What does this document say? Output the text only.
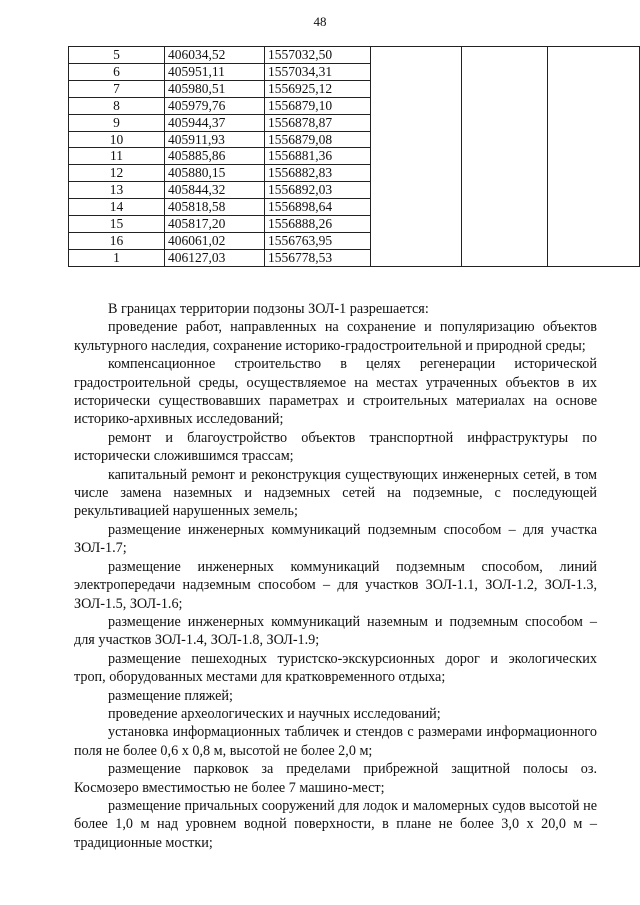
48
5	406034,52	1557032,50			
6	405951,11	1557034,31			
7	405980,51	1556925,12			
8	405979,76	1556879,10			
9	405944,37	1556878,87			
10	405911,93	1556879,08			
11	405885,86	1556881,36			
12	405880,15	1556882,83			
13	405844,32	1556892,03			
14	405818,58	1556898,64			
15	405817,20	1556888,26			
16	406061,02	1556763,95			
1	406127,03	1556778,53			

В границах территории подзоны ЗОЛ-1 разрешается:

проведение работ, направленных на сохранение и популяризацию объектов культурного наследия, сохранение историко-градостроительной и природной среды;

компенсационное строительство в целях регенерации исторической градостроительной среды, осуществляемое на местах утраченных объектов в их исторически существовавших параметрах и строительных материалах на основе историко-архивных исследований;

ремонт и благоустройство объектов транспортной инфраструктуры по исторически сложившимся трассам;

капитальный ремонт и реконструкция существующих инженерных сетей, в том числе замена наземных и надземных сетей на подземные, с последующей рекультивацией нарушенных земель;

размещение инженерных коммуникаций подземным способом – для участка ЗОЛ-1.7;

размещение инженерных коммуникаций подземным способом, линий электропередачи надземным способом – для участков ЗОЛ-1.1, ЗОЛ-1.2, ЗОЛ-1.3, ЗОЛ-1.5, ЗОЛ-1.6;

размещение инженерных коммуникаций наземным и подземным способом – для участков ЗОЛ-1.4, ЗОЛ-1.8, ЗОЛ-1.9;

размещение пешеходных туристско-экскурсионных дорог и экологических троп, оборудованных местами для кратковременного отдыха;

размещение пляжей;

проведение археологических и научных исследований;

установка информационных табличек и стендов с размерами информационного поля не более 0,6 х 0,8 м, высотой не более 2,0 м;

размещение парковок за пределами прибрежной защитной полосы оз. Космозеро вместимостью не более 7 машино-мест;

размещение причальных сооружений для лодок и маломерных судов высотой не более 1,0 м над уровнем водной поверхности, в плане не более 3,0 х 20,0 м – традиционные мостки;
